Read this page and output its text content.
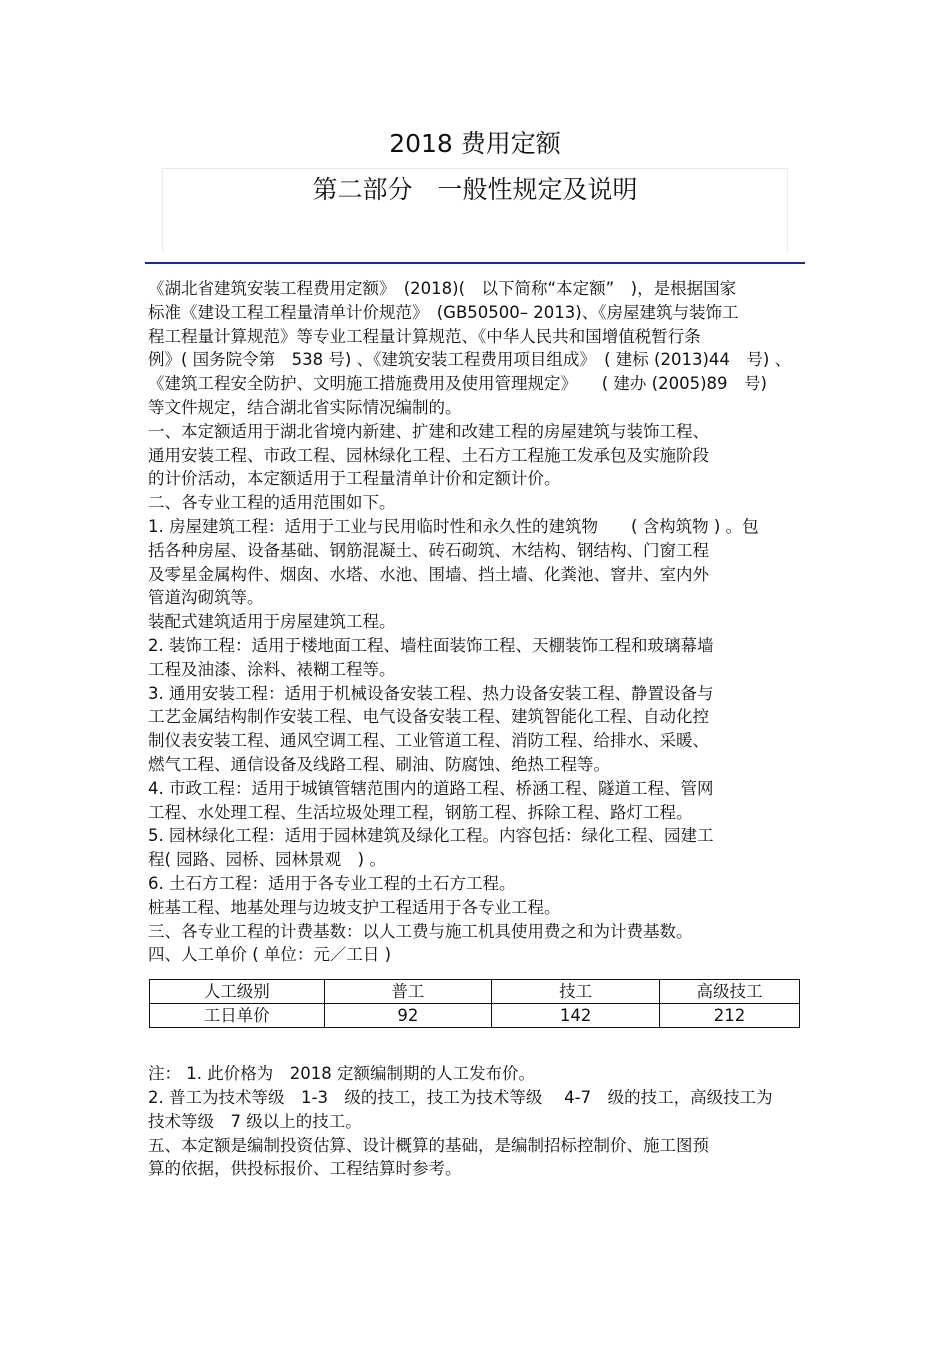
2018 费用定额
第二部分　一般性规定及说明
《湖北省建筑安装工程费用定额》　(2018)(　以下简称“本定额”　)，是根据国家
标准《建设工程工程量清单计价规范》　(GB50500– 2013)、《房屋建筑与装饰工
程工程量计算规范》等专业工程量计算规范、《中华人民共和国增值税暂行条
例》( 国务院令第　538 号) 、《建筑安装工程费用项目组成》　( 建标 (2013)44　号) 、
《建筑工程安全防护、文明施工措施费用及使用管理规定》　　( 建办 (2005)89　号)
等文件规定，结合湖北省实际情况编制的。
一、本定额适用于湖北省境内新建、扩建和改建工程的房屋建筑与装饰工程、
通用安装工程、市政工程、园林绿化工程、土石方工程施工发承包及实施阶段
的计价活动，本定额适用于工程量清单计价和定额计价。
二、各专业工程的适用范围如下。
1. 房屋建筑工程：适用于工业与民用临时性和永久性的建筑物　　( 含构筑物 ) 。包
括各种房屋、设备基础、钢筋混凝土、砖石砌筑、木结构、钢结构、门窗工程
及零星金属构件、烟囱、水塔、水池、围墙、挡土墙、化粪池、窨井、室内外
管道沟砌筑等。
装配式建筑适用于房屋建筑工程。
2. 装饰工程：适用于楼地面工程、墙柱面装饰工程、天棚装饰工程和玻璃幕墙
工程及油漆、涂料、裱糊工程等。
3. 通用安装工程：适用于机械设备安装工程、热力设备安装工程、静置设备与
工艺金属结构制作安装工程、电气设备安装工程、建筑智能化工程、自动化控
制仪表安装工程、通风空调工程、工业管道工程、消防工程、给排水、采暖、
燃气工程、通信设备及线路工程、刷油、防腐蚀、绝热工程等。
4. 市政工程：适用于城镇管辖范围内的道路工程、桥涵工程、隧道工程、管网
工程、水处理工程、生活垃圾处理工程，钢筋工程、拆除工程、路灯工程。
5. 园林绿化工程：适用于园林建筑及绿化工程。内容包括：绿化工程、园建工
程( 园路、园桥、园林景观　) 。
6. 土石方工程：适用于各专业工程的土石方工程。
桩基工程、地基处理与边坡支护工程适用于各专业工程。
三、各专业工程的计费基数：以人工费与施工机具使用费之和为计费基数。
四、人工单价 ( 单位：元／工日 )
人工级别	普工	技工	高级技工
工日单价	92	142	212
注： 1. 此价格为　2018 定额编制期的人工发布价。
2. 普工为技术等级　1-3　级的技工，技工为技术等级　 4-7　级的技工，高级技工为
技术等级　7 级以上的技工。
五、本定额是编制投资估算、设计概算的基础，是编制招标控制价、施工图预
算的依据，供投标报价、工程结算时参考。
